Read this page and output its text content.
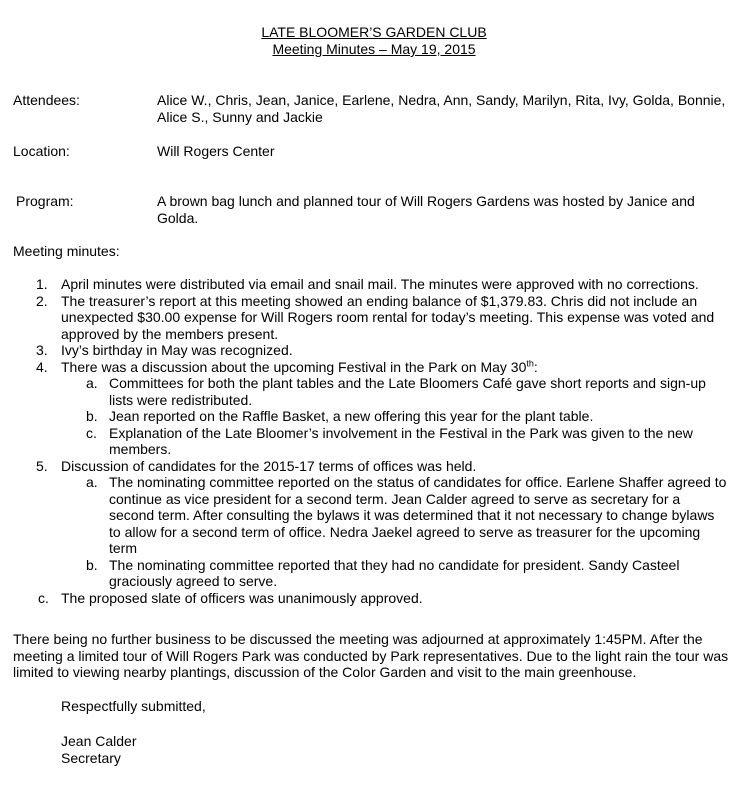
LATE BLOOMER’S GARDEN CLUB
Meeting Minutes – May 19, 2015
Attendees:	Alice W., Chris, Jean, Janice, Earlene, Nedra, Ann, Sandy, Marilyn, Rita, Ivy, Golda, Bonnie, Alice S., Sunny and Jackie
Location:	Will Rogers Center
Program:	A brown bag lunch and planned tour of Will Rogers Gardens was hosted by Janice and Golda.
Meeting minutes:

1. April minutes were distributed via email and snail mail. The minutes were approved with no corrections.

2. The treasurer’s report at this meeting showed an ending balance of $1,379.83. Chris did not include an unexpected $30.00 expense for Will Rogers room rental for today’s meeting. This expense was voted and approved by the members present.

3. Ivy’s birthday in May was recognized.

4. There was a discussion about the upcoming Festival in the Park on May 30th:

a. Committees for both the plant tables and the Late Bloomers Café gave short reports and sign-up lists were redistributed.

b. Jean reported on the Raffle Basket, a new offering this year for the plant table.

c. Explanation of the Late Bloomer’s involvement in the Festival in the Park was given to the new members.

5. Discussion of candidates for the 2015-17 terms of offices was held.

a. The nominating committee reported on the status of candidates for office. Earlene Shaffer agreed to continue as vice president for a second term. Jean Calder agreed to serve as secretary for a second term. After consulting the bylaws it was determined that it not necessary to change bylaws to allow for a second term of office. Nedra Jaekel agreed to serve as treasurer for the upcoming term

b. The nominating committee reported that they had no candidate for president. Sandy Casteel graciously agreed to serve.

c. The proposed slate of officers was unanimously approved.

There being no further business to be discussed the meeting was adjourned at approximately 1:45PM. After the meeting a limited tour of Will Rogers Park was conducted by Park representatives. Due to the light rain the tour was limited to viewing nearby plantings, discussion of the Color Garden and visit to the main greenhouse.
Respectfully submitted,
Jean Calder
Secretary
